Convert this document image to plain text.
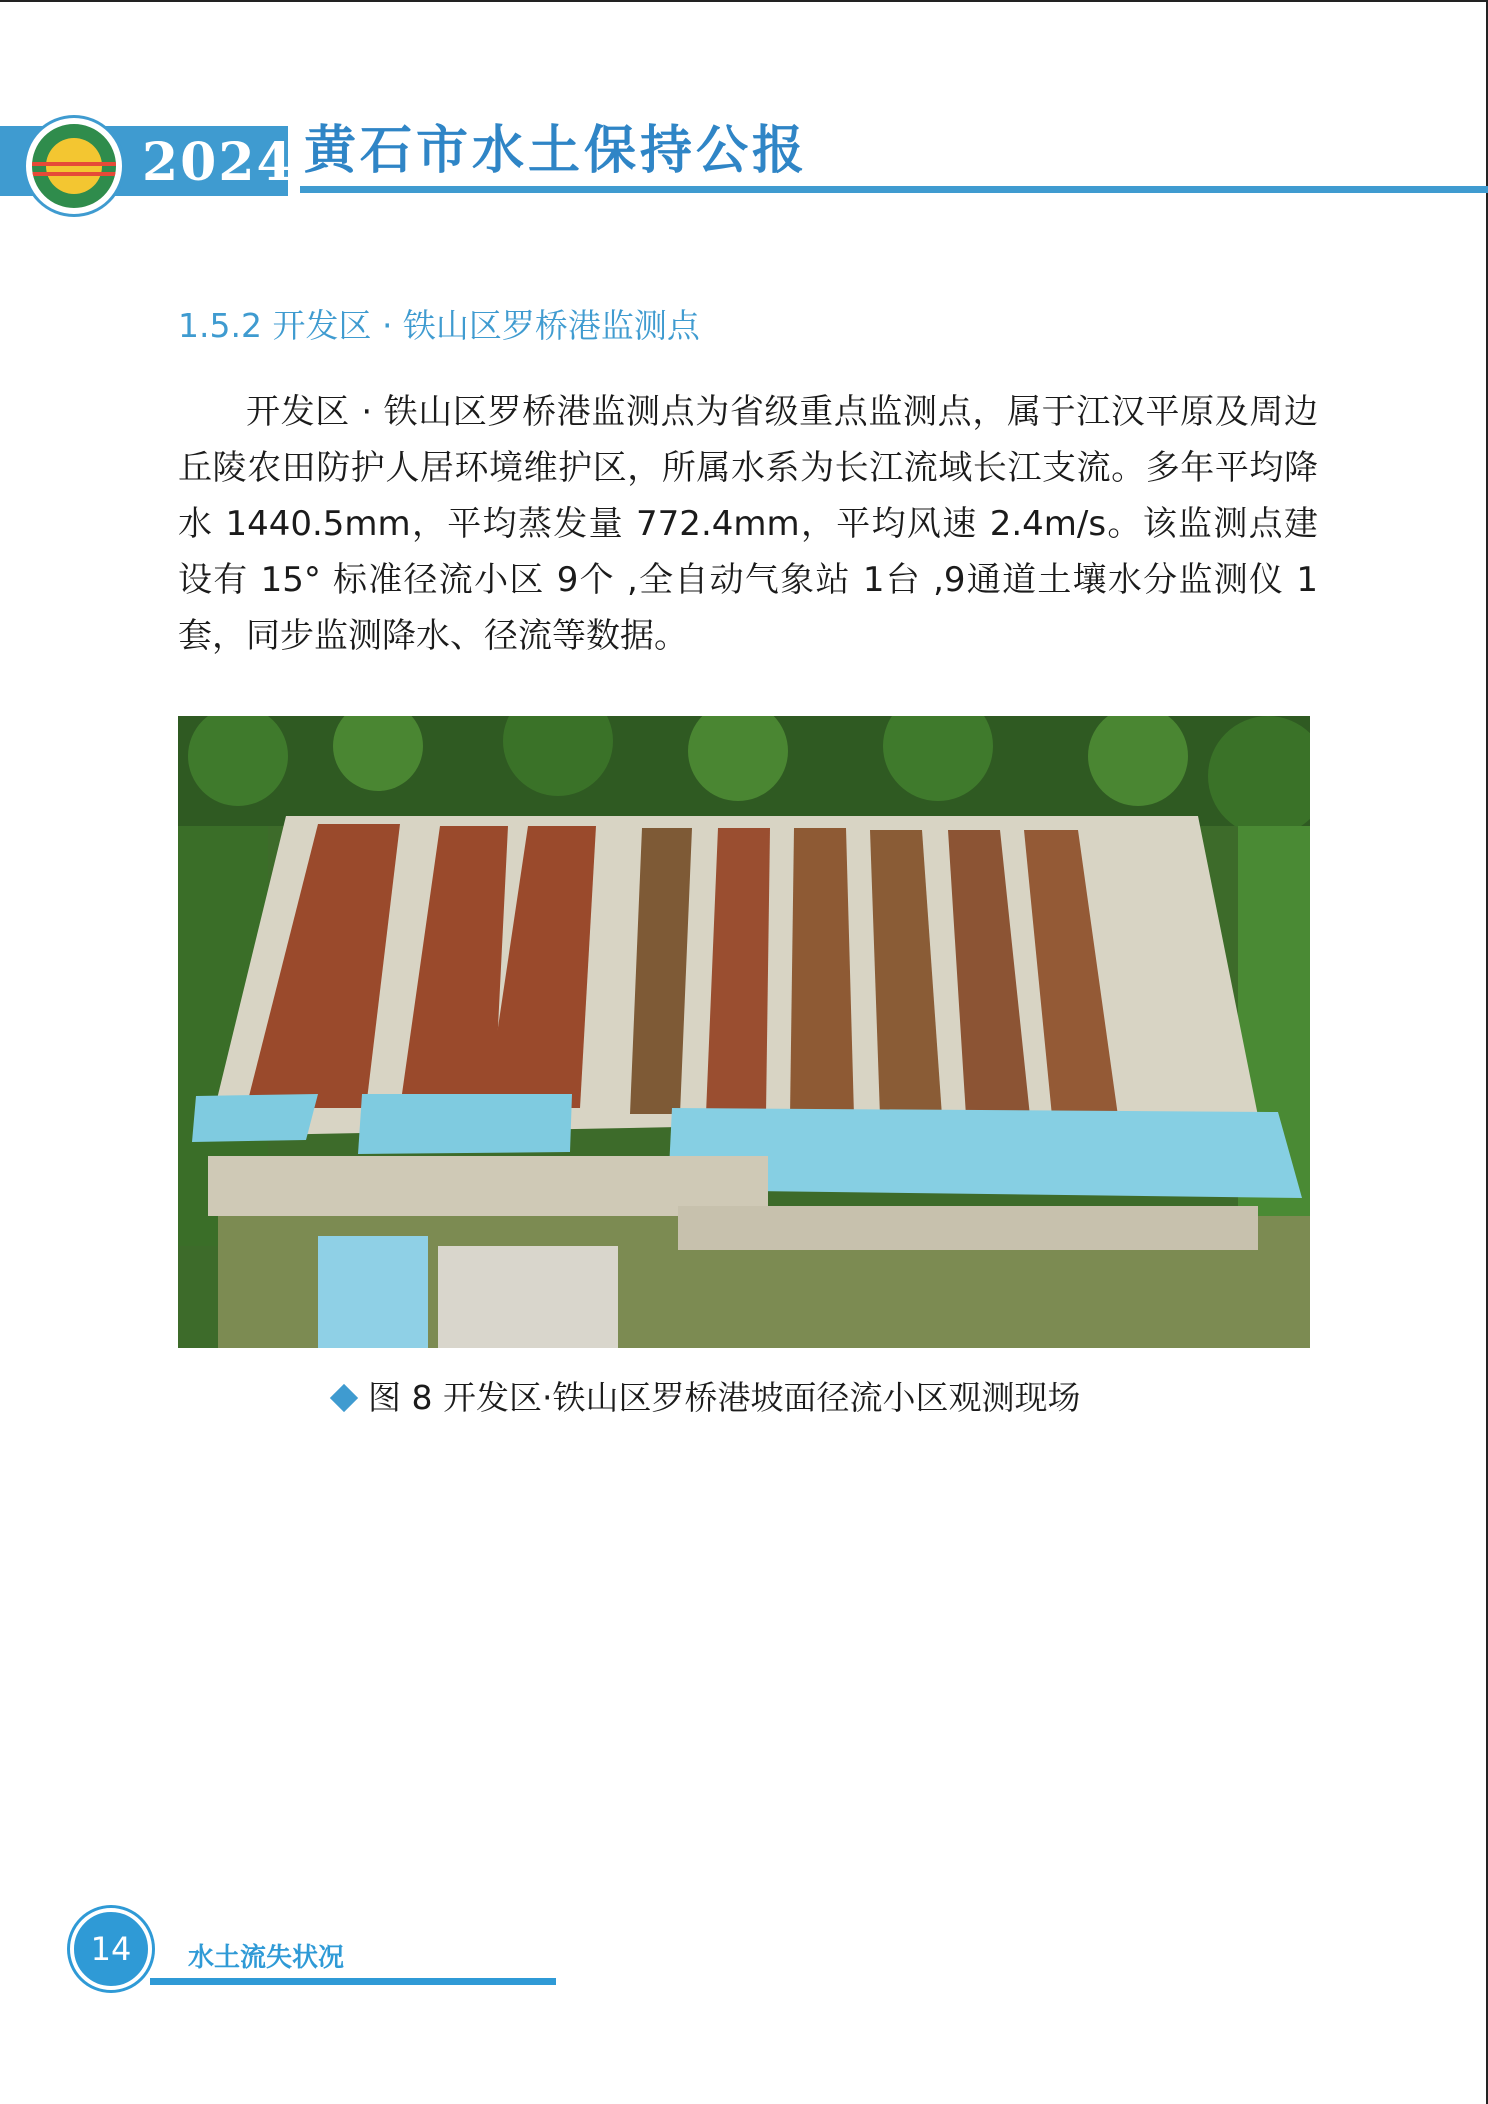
2024 黄石市水土保持公报
1.5.2 开发区 · 铁山区罗桥港监测点

开发区 · 铁山区罗桥港监测点为省级重点监测点，属于江汉平原及周边丘陵农田防护人居环境维护区，所属水系为长江流域长江支流。多年平均降水 1440.5mm，平均蒸发量 772.4mm，平均风速 2.4m/s。该监测点建设有 15° 标准径流小区 9个 ,全自动气象站 1台 ,9通道土壤水分监测仪 1套，同步监测降水、径流等数据。

图 8 开发区·铁山区罗桥港坡面径流小区观测现场
14	水土流失状况
